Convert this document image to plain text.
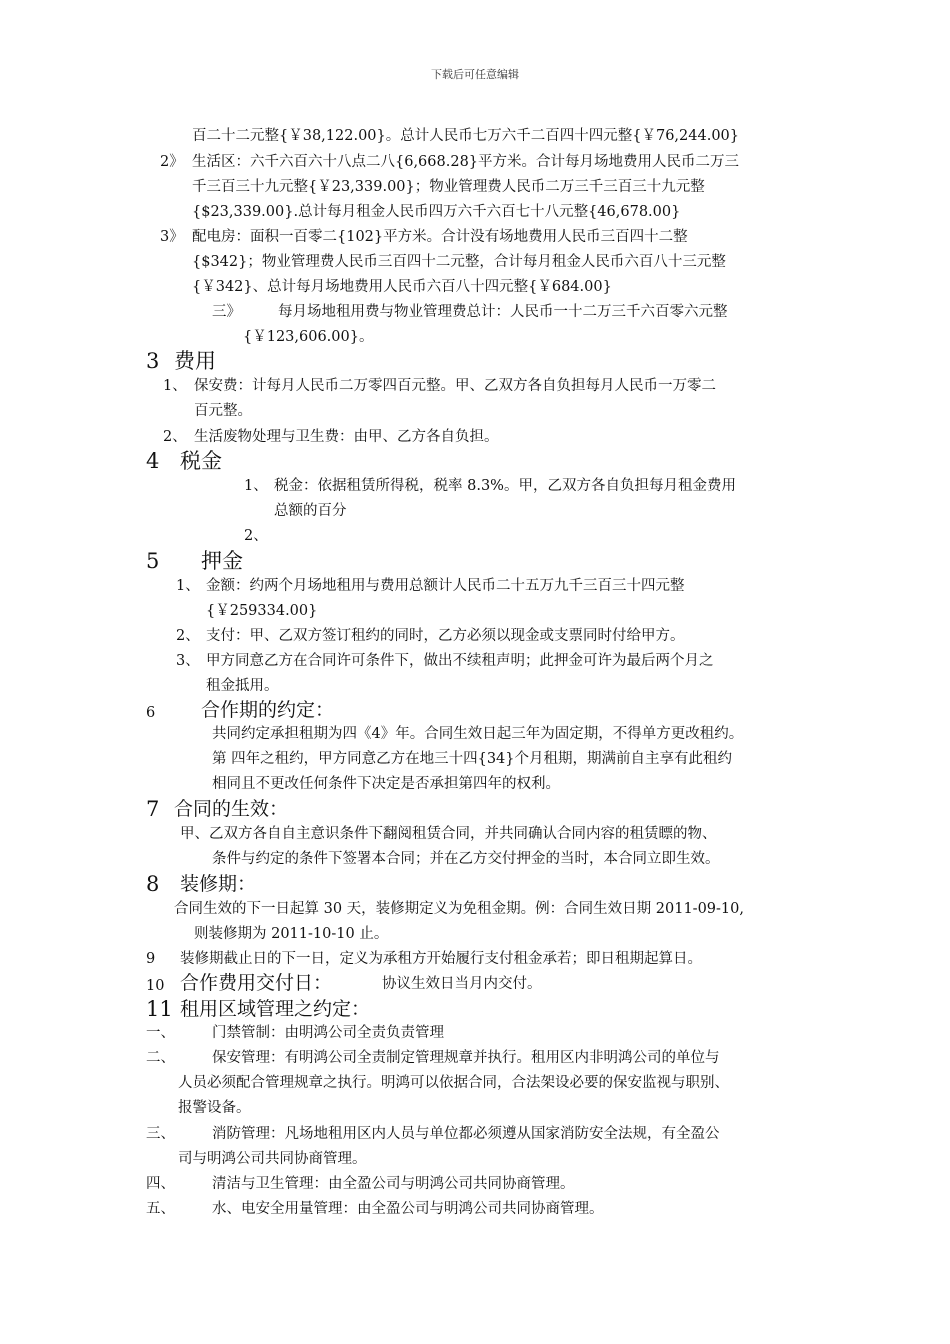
下载后可任意编辑
百二十二元整{￥38,122.00}。总计人民币七万六千二百四十四元整{￥76,244.00}
2》 生活区：六千六百六十八点二八{6,668.28}平方米。合计每月场地费用人民币二万三
千三百三十九元整{￥23,339.00}；物业管理费人民币二万三千三百三十九元整
{$23,339.00}.总计每月租金人民币四万六千六百七十八元整{46,678.00}
3》 配电房：面积一百零二{102}平方米。合计没有场地费用人民币三百四十二整
{$342}；物业管理费人民币三百四十二元整，合计每月租金人民币六百八十三元整
{￥342}、总计每月场地费用人民币六百八十四元整{￥684.00}
三》	每月场地租用费与物业管理费总计：人民币一十二万三千六百零六元整
{￥123,606.00}。
3 费用
1、 保安费：计每月人民币二万零四百元整。甲、乙双方各自负担每月人民币一万零二
百元整。
2、 生活废物处理与卫生费：由甲、乙方各自负担。
4 税金
1、 税金：依据租赁所得税，税率 8.3%。甲，乙双方各自负担每月租金费用
总额的百分
2、
5 押金
1、 金额：约两个月场地租用与费用总额计人民币二十五万九千三百三十四元整
{￥259334.00}
2、 支付：甲、乙双方签订租约的同时，乙方必须以现金或支票同时付给甲方。
3、 甲方同意乙方在合同许可条件下，做出不续租声明；此押金可许为最后两个月之
租金抵用。
6 合作期的约定：
共同约定承担租期为四《4》年。合同生效日起三年为固定期，不得单方更改租约。
第 四年之租约，甲方同意乙方在地三十四{34}个月租期，期满前自主享有此租约
相同且不更改任何条件下决定是否承担第四年的权利。
7 合同的生效：
甲、乙双方各自自主意识条件下翻阅租赁合同，并共同确认合同内容的租赁瞟的物、
条件与约定的条件下签署本合同；并在乙方交付押金的当时，本合同立即生效。
8 装修期：
合同生效的下一日起算 30 天，装修期定义为免租金期。例：合同生效日期 2011-09-10,
则装修期为 2011-10-10 止。
9 装修期截止日的下一日，定义为承租方开始履行支付租金承若；即日租期起算日。
10 合作费用交付日：	协议生效日当月内交付。
11 租用区域管理之约定：
一、	门禁管制：由明鸿公司全责负责管理
二、	保安管理：有明鸿公司全责制定管理规章并执行。租用区内非明鸿公司的单位与
人员必须配合管理规章之执行。明鸿可以依据合同，合法架设必要的保安监视与职别、
报警设备。
三、	消防管理：凡场地租用区内人员与单位都必须遵从国家消防安全法规，有全盈公
司与明鸿公司共同协商管理。
四、	清洁与卫生管理：由全盈公司与明鸿公司共同协商管理。
五、	水、电安全用量管理：由全盈公司与明鸿公司共同协商管理。
